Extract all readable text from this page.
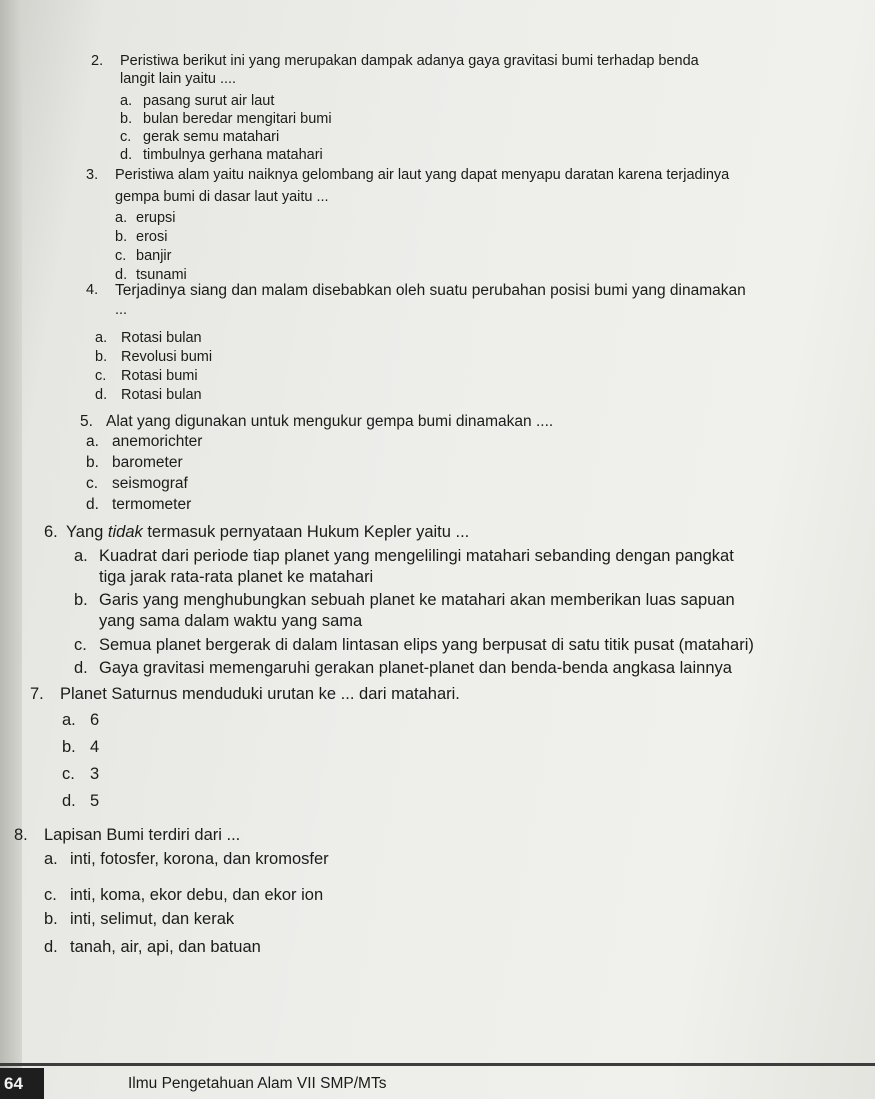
2. Peristiwa berikut ini yang merupakan dampak adanya gaya gravitasi bumi terhadap benda
langit lain yaitu ....
a. pasang surut air laut
b. bulan beredar mengitari bumi
c. gerak semu matahari
d. timbulnya gerhana matahari
3. Peristiwa alam yaitu naiknya gelombang air laut yang dapat menyapu daratan karena terjadinya
gempa bumi di dasar laut yaitu ...
a. erupsi
b. erosi
c. banjir
d. tsunami
4. Terjadinya siang dan malam disebabkan oleh suatu perubahan posisi bumi yang dinamakan
...
a. Rotasi bulan
b. Revolusi bumi
c. Rotasi bumi
d. Rotasi bulan
5. Alat yang digunakan untuk mengukur gempa bumi dinamakan ....
a. anemorichter
b. barometer
c. seismograf
d. termometer
6. Yang tidak termasuk pernyataan Hukum Kepler yaitu ...
a. Kuadrat dari periode tiap planet yang mengelilingi matahari sebanding dengan pangkat
tiga jarak rata-rata planet ke matahari
b. Garis yang menghubungkan sebuah planet ke matahari akan memberikan luas sapuan
yang sama dalam waktu yang sama
c. Semua planet bergerak di dalam lintasan elips yang berpusat di satu titik pusat (matahari)
d. Gaya gravitasi memengaruhi gerakan planet-planet dan benda-benda angkasa lainnya
7. Planet Saturnus menduduki urutan ke ... dari matahari.
a. 6
b. 4
c. 3
d. 5
8. Lapisan Bumi terdiri dari ...
a. inti, fotosfer, korona, dan kromosfer
c. inti, koma, ekor debu, dan ekor ion
b. inti, selimut, dan kerak
d. tanah, air, api, dan batuan
64	Ilmu Pengetahuan Alam VII SMP/MTs
